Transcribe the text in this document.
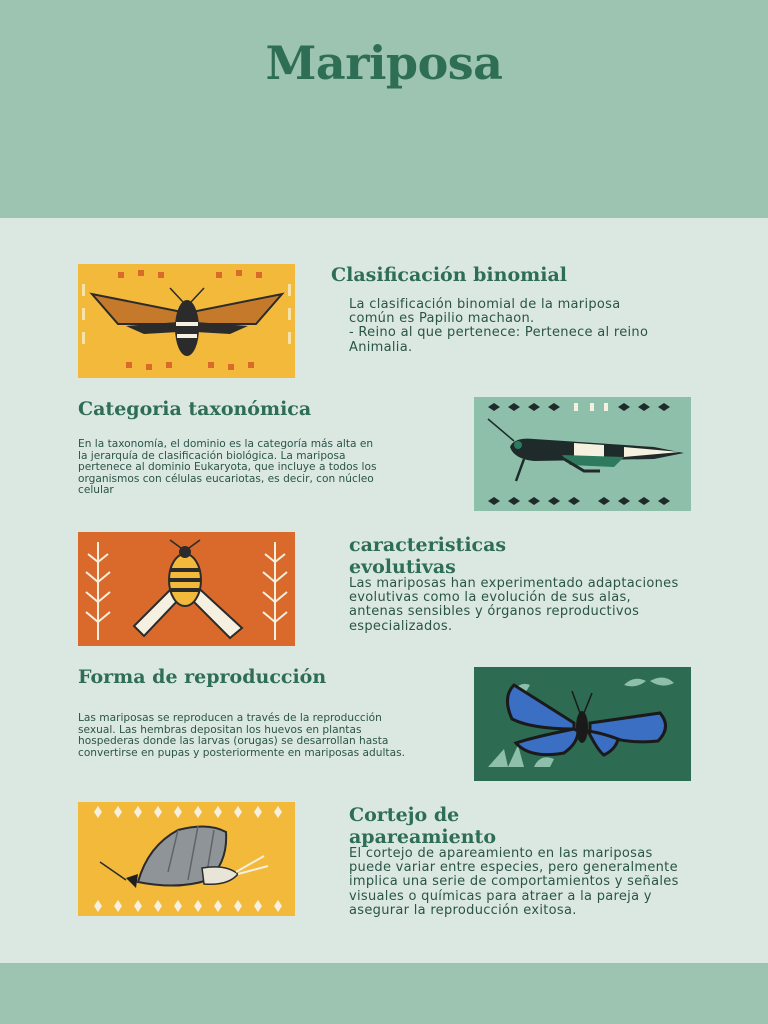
Mariposa
Clasificación binomial

La clasificación binomial de la mariposa común es Papilio machaon.
- Reino al que pertenece: Pertenece al reino Animalia.

Categoria taxonómica

En la taxonomía, el dominio es la categoría más alta en la jerarquía de clasificación biológica. La mariposa pertenece al dominio Eukaryota, que incluye a todos los organismos con células eucariotas, es decir, con núcleo celular

caracteristicas evolutivas

Las mariposas han experimentado adaptaciones evolutivas como la evolución de sus alas, antenas sensibles y órganos reproductivos especializados.

Forma de reproducción

Las mariposas se reproducen a través de la reproducción sexual. Las hembras depositan los huevos en plantas hospederas donde las larvas (orugas) se desarrollan hasta convertirse en pupas y posteriormente en mariposas adultas.

Cortejo de apareamiento

El cortejo de apareamiento en las mariposas puede variar entre especies, pero generalmente implica una serie de comportamientos y señales visuales o químicas para atraer a la pareja y asegurar la reproducción exitosa.
